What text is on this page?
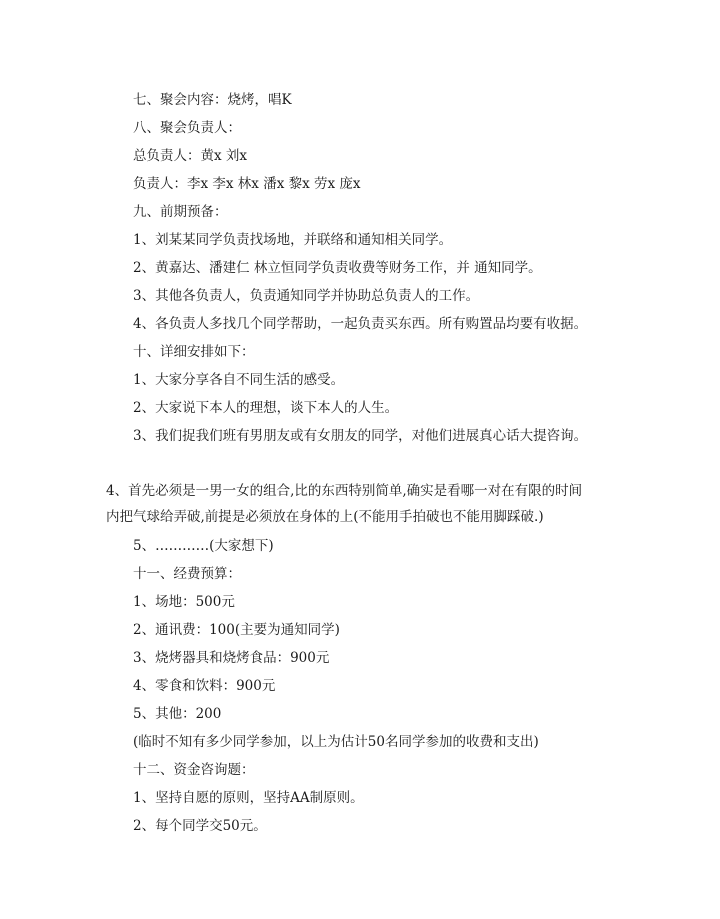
七、聚会内容：烧烤，唱K
八、聚会负责人：
总负责人：黄x 刘x
负责人：李x 李x 林x 潘x 黎x 劳x 庞x
九、前期预备：
1、刘某某同学负责找场地，并联络和通知相关同学。
2、黄嘉达、潘建仁 林立恒同学负责收费等财务工作，并 通知同学。
3、其他各负责人，负责通知同学并协助总负责人的工作。
4、各负责人多找几个同学帮助，一起负责买东西。所有购置品均要有收据。
十、详细安排如下：
1、大家分享各自不同生活的感受。
2、大家说下本人的理想，谈下本人的人生。
3、我们捉我们班有男朋友或有女朋友的同学，对他们进展真心话大提咨询。
4、首先必须是一男一女的组合,比的东西特别简单,确实是看哪一对在有限的时间
内把气球给弄破,前提是必须放在身体的上(不能用手拍破也不能用脚踩破.)
5、…………(大家想下)
十一、经费预算：
1、场地：500元
2、通讯费：100(主要为通知同学)
3、烧烤器具和烧烤食品：900元
4、零食和饮料：900元
5、其他：200
(临时不知有多少同学参加，以上为估计50名同学参加的收费和支出)
十二、资金咨询题：
1、坚持自愿的原则，坚持AA制原则。
2、每个同学交50元。
